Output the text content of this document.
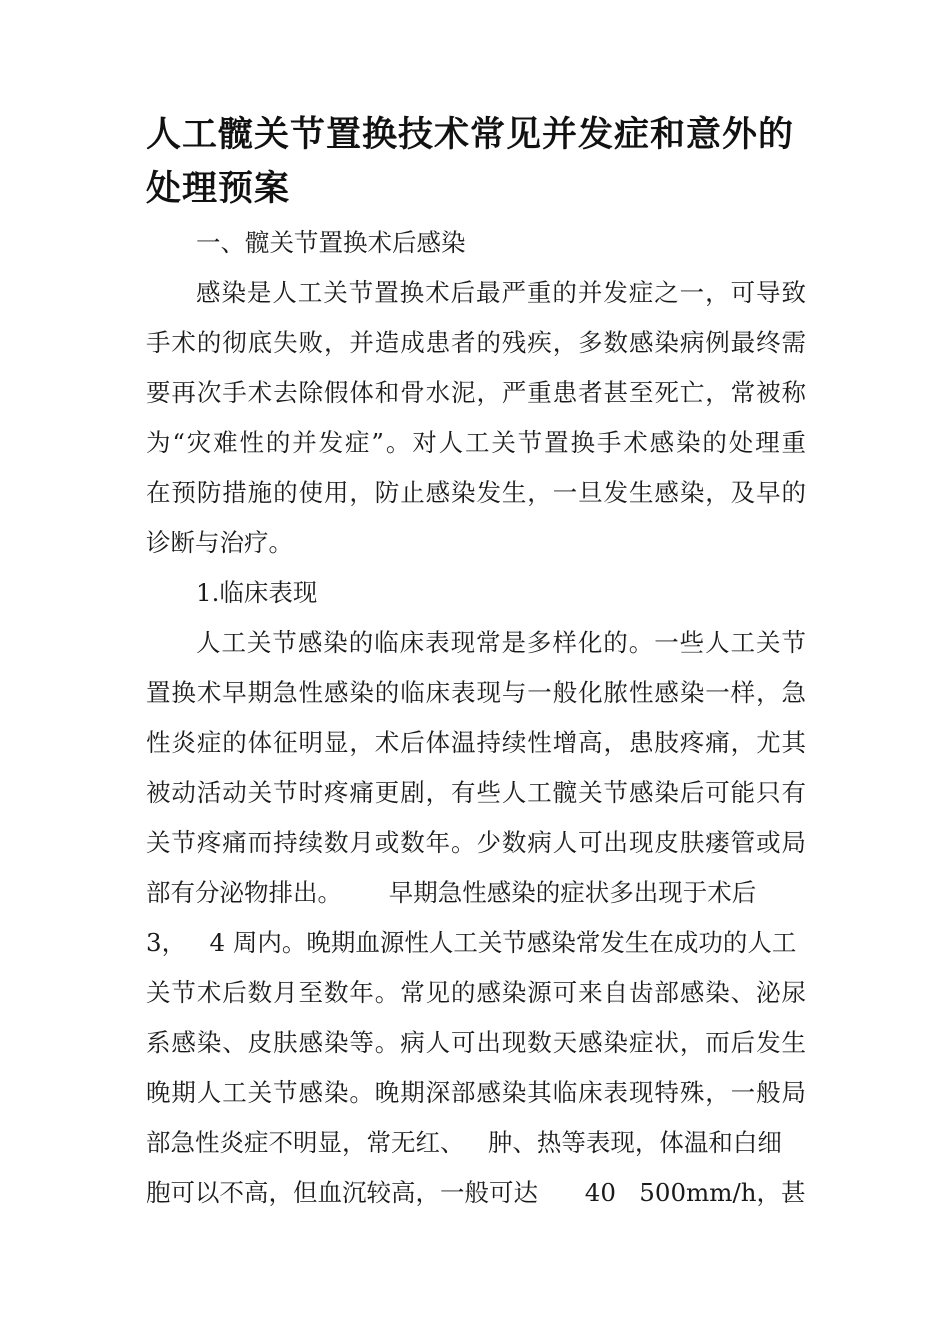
人工髋关节置换技术常见并发症和意外的
处理预案
一、髋关节置换术后感染
感染是人工关节置换术后最严重的并发症之一，可导致
手术的彻底失败，并造成患者的残疾，多数感染病例最终需
要再次手术去除假体和骨水泥，严重患者甚至死亡，常被称
为“灾难性的并发症”。对人工关节置换手术感染的处理重
在预防措施的使用，防止感染发生，一旦发生感染，及早的
诊断与治疗。
1.临床表现
人工关节感染的临床表现常是多样化的。一些人工关节
置换术早期急性感染的临床表现与一般化脓性感染一样，急
性炎症的体征明显，术后体温持续性增高，患肢疼痛，尤其
被动活动关节时疼痛更剧，有些人工髋关节感染后可能只有
关节疼痛而持续数月或数年。少数病人可出现皮肤瘘管或局
部有分泌物排出。      早期急性感染的症状多出现于术后
3，   4 周内。晚期血源性人工关节感染常发生在成功的人工
关节术后数月至数年。常见的感染源可来自齿部感染、泌尿
系感染、皮肤感染等。病人可出现数天感染症状，而后发生
晚期人工关节感染。晚期深部感染其临床表现特殊，一般局
部急性炎症不明显，常无红、   肿、热等表现，体温和白细
胞可以不高，但血沉较高，一般可达      40   500mm/h，甚
